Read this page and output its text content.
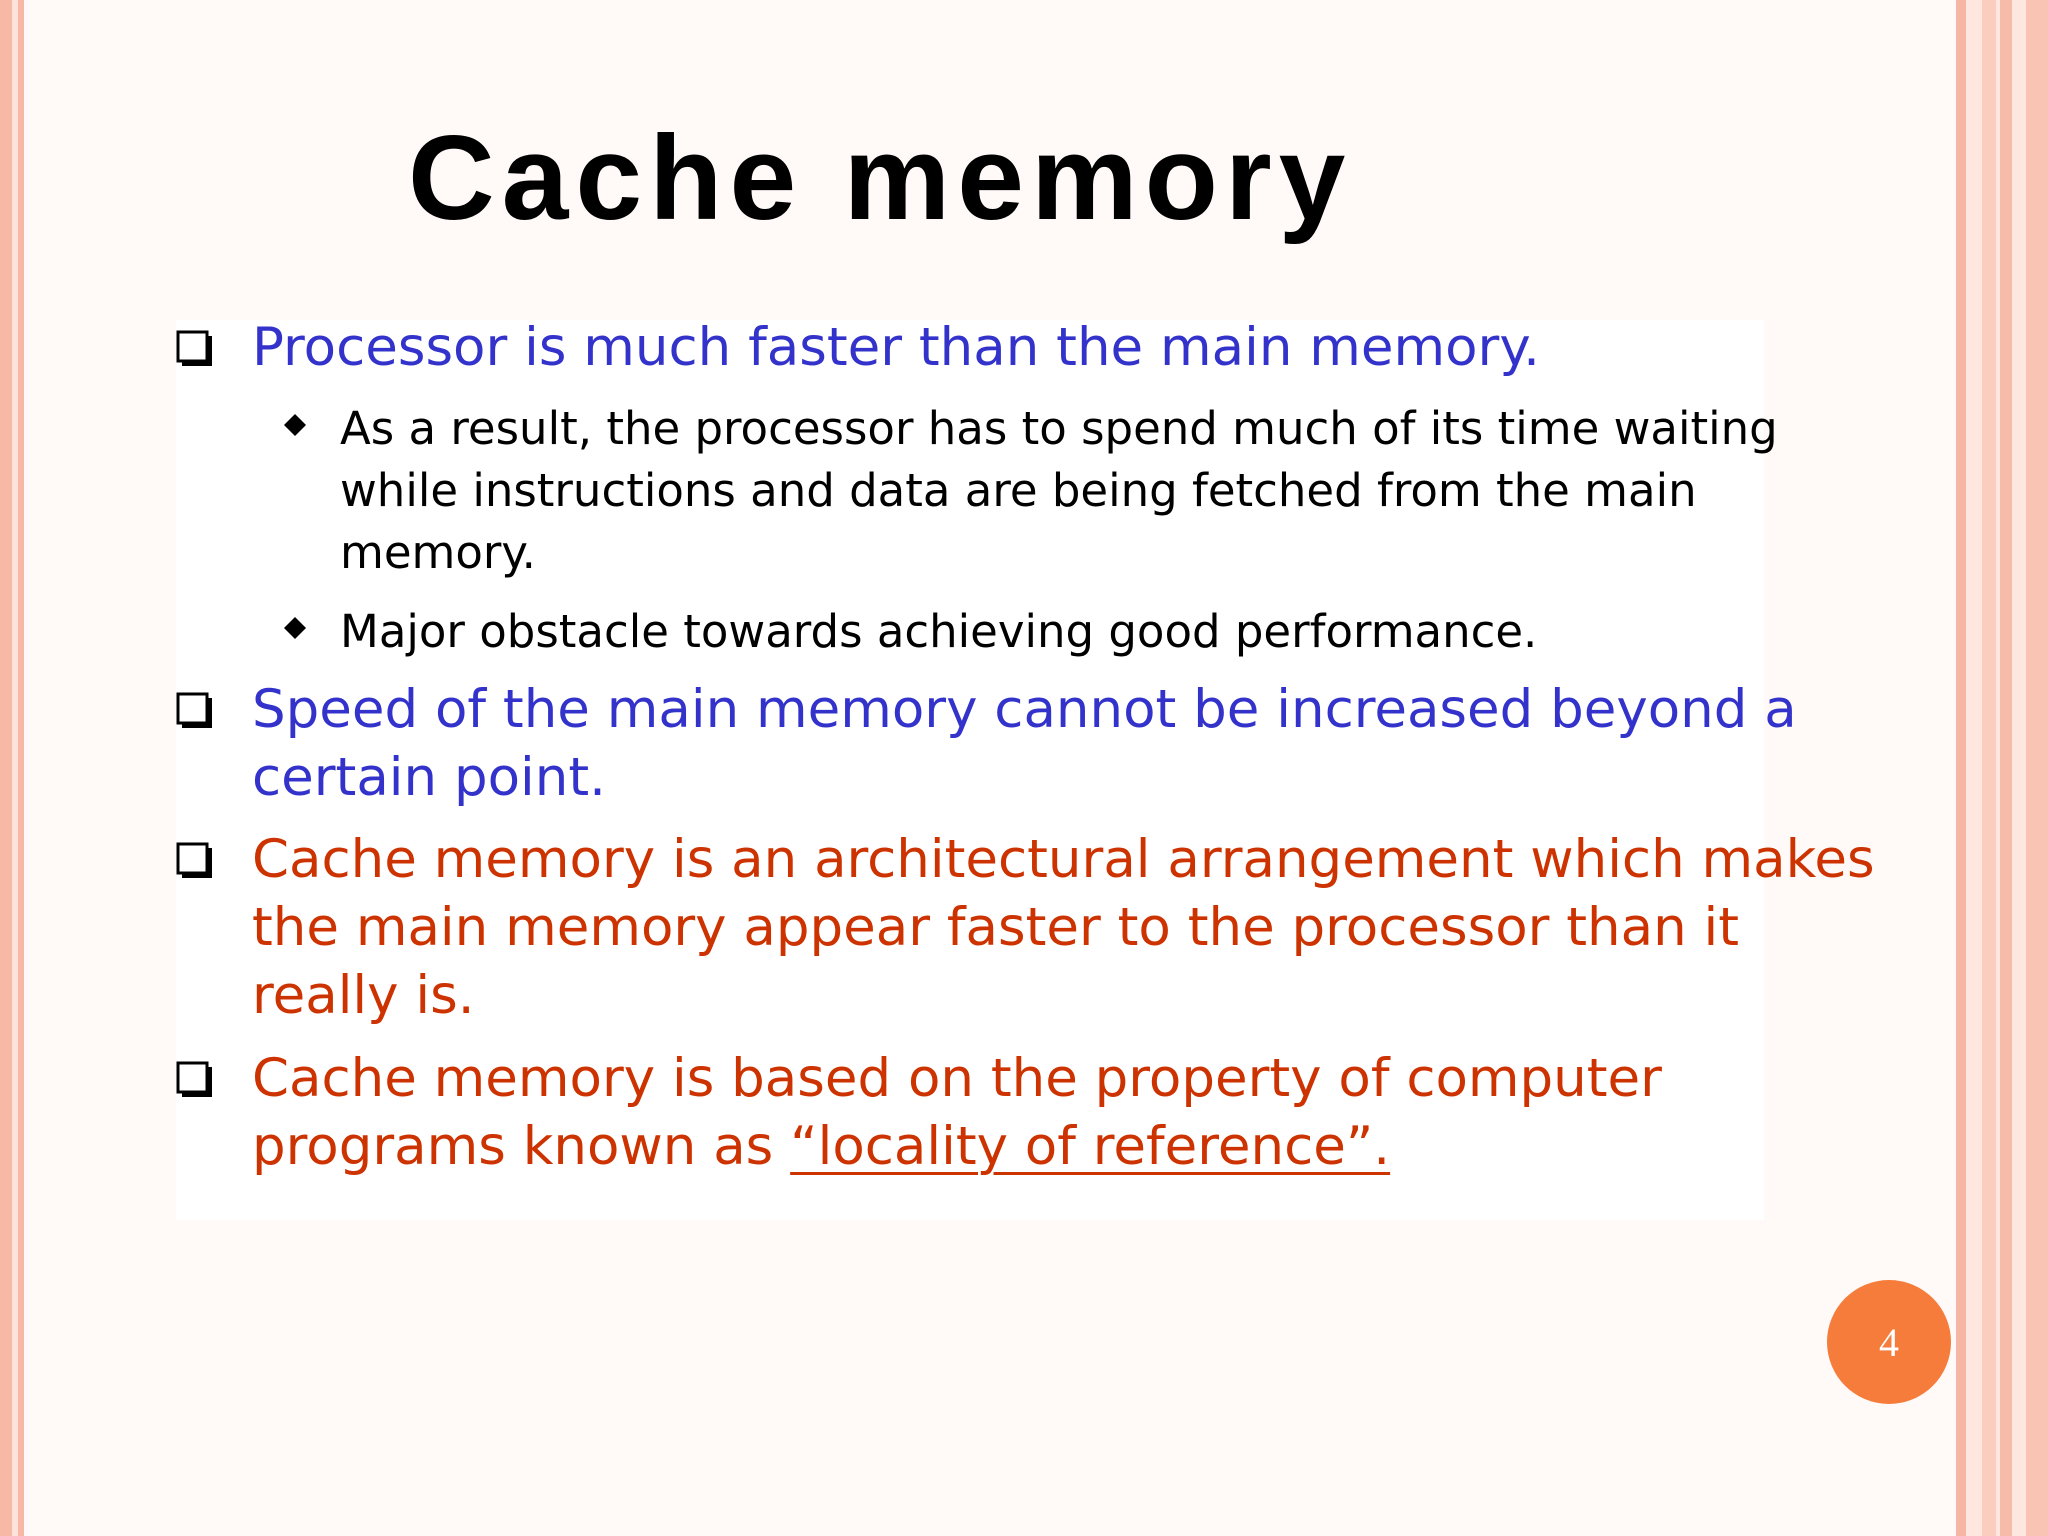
Cache memory
Processor is much faster than the main memory.
As a result, the processor has to spend much of its time waiting
while instructions and data are being fetched from the main
memory.
Major obstacle towards achieving good performance.
Speed of the main memory cannot be increased beyond a
certain point.
Cache memory is an architectural arrangement which makes
the main memory appear faster to the processor than it
really is.
Cache memory is based on the property of computer
programs known as “locality of reference”.
4
